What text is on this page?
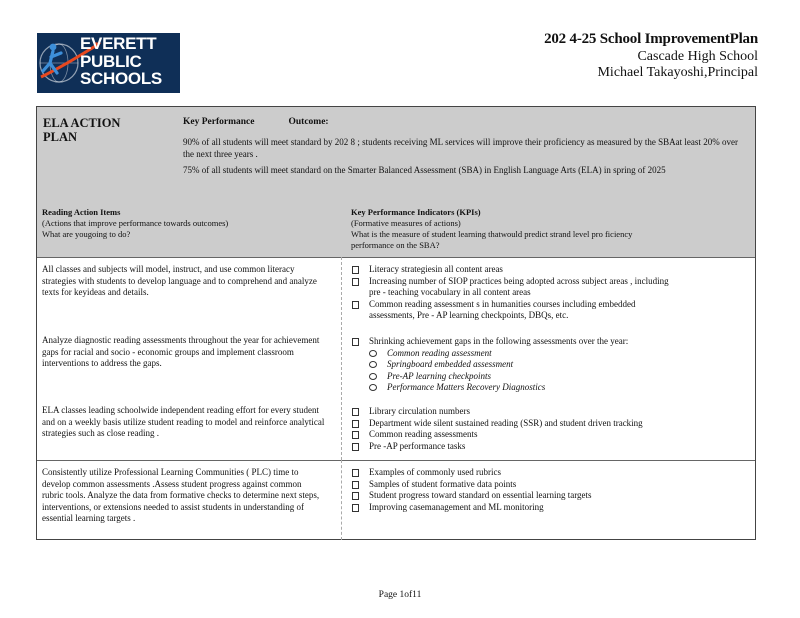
EVERETT
PUBLIC
SCHOOLS
202 4-25 School ImprovementPlan
Cascade High School
Michael Takayoshi,Principal
ELA ACTION
PLAN
Key Performance	Outcome:
90% of all students will meet standard by 202 8 ; students receiving ML services will improve their proficiency as measured by the SBAat least 20% over the next three years .
75% of all students will meet standard on the Smarter Balanced Assessment (SBA) in English Language Arts (ELA) in spring of 2025
Reading Action Items
(Actions that improve performance towards outcomes)
What are yougoing to do?
Key Performance Indicators (KPIs)
(Formative measures of actions)
What is the measure of student learning thatwould predict strand level pro ficiency
performance on the SBA?
All classes and subjects will model, instruct, and use common literacy strategies with students to develop language and to comprehend and analyze texts for keyideas and details.
Literacy strategiesin all content areas
Increasing number of SIOP practices being adopted across subject areas , including
pre - teaching vocabulary in all content areas
Common reading assessment s in humanities courses including embedded
assessments, Pre - AP learning checkpoints, DBQs, etc.
Analyze diagnostic reading assessments throughout the year for achievement gaps for racial and socio - economic groups and implement classroom interventions to address the gaps.
Shrinking achievement gaps in the following assessments over the year:
Common reading assessment
Springboard embedded assessment
Pre-AP learning checkpoints
Performance Matters Recovery Diagnostics
ELA classes leading schoolwide independent reading effort for every student and on a weekly basis utilize student reading to model and reinforce analytical strategies such as close reading .
Library circulation numbers
Department wide silent sustained reading (SSR) and student driven tracking
Common reading assessments
Pre -AP performance tasks
Consistently utilize Professional Learning Communities ( PLC) time to develop common assessments .Assess student progress against common rubric tools. Analyze the data from formative checks to determine next steps, interventions, or extensions needed to assist students in understanding of essential learning targets .
Examples of commonly used rubrics
Samples of student formative data points
Student progress toward standard on essential learning targets
Improving casemanagement and ML monitoring
Page 1of11
